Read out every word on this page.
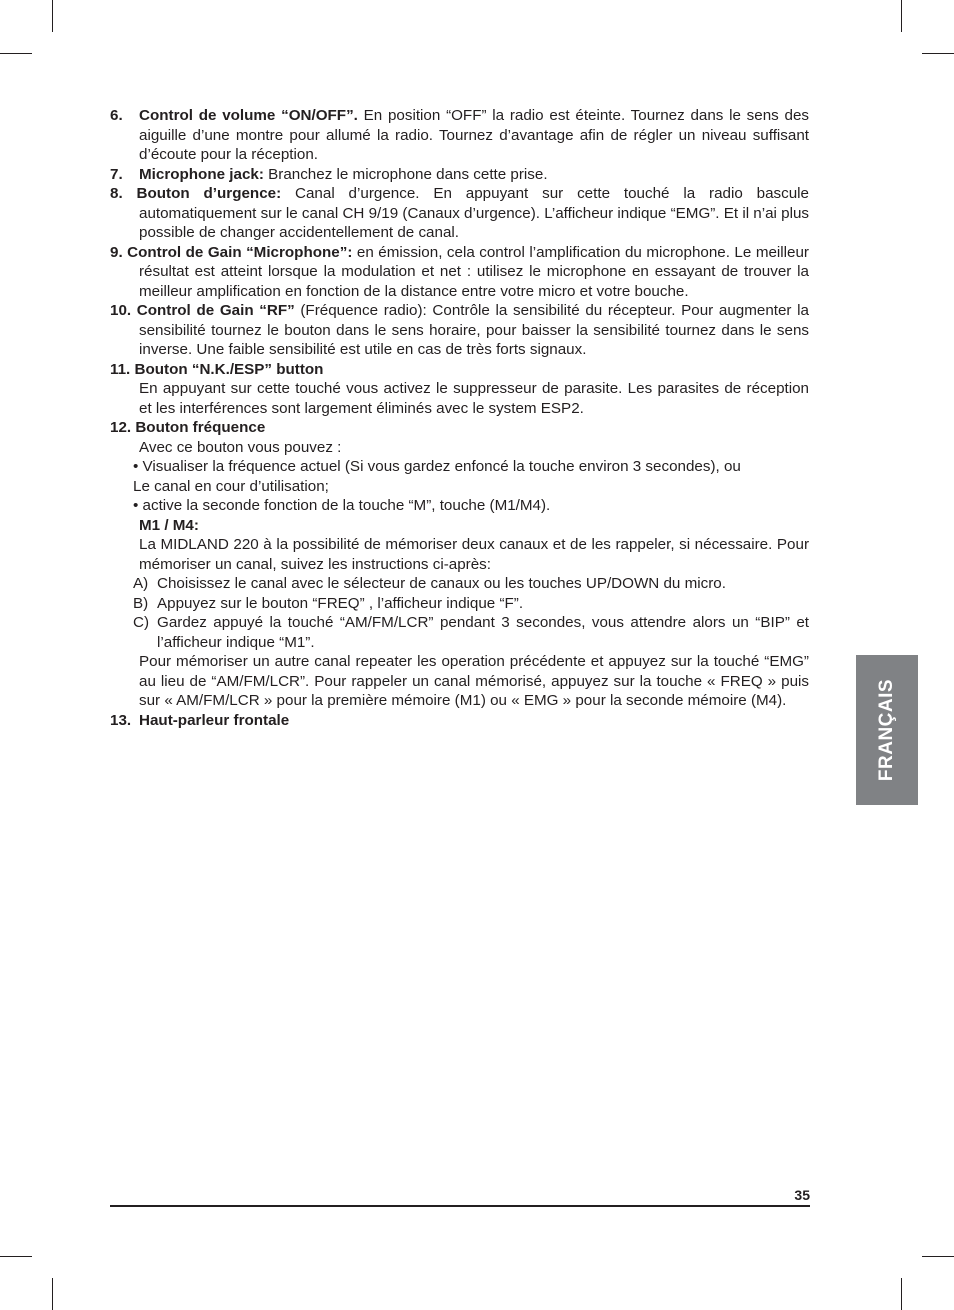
6. Control de volume “ON/OFF”. En position “OFF” la radio est éteinte. Tournez dans le sens des aiguille d’une montre pour allumé la radio. Tournez d’avantage afin de régler un niveau suffisant d’écoute pour la réception.
7. Microphone jack: Branchez le microphone dans cette prise.
8. Bouton d’urgence: Canal d’urgence. En appuyant sur cette touché la radio bascule automatiquement sur le canal CH 9/19 (Canaux d’urgence). L’afficheur indique “EMG”. Et il n’ai plus possible de changer accidentellement de canal.
9. Control de Gain “Microphone”: en émission, cela control l’amplification du microphone. Le meilleur résultat est atteint lorsque la modulation et net : utilisez le microphone en essayant de trouver la meilleur amplification en fonction de la distance entre votre micro et votre bouche.
10. Control de Gain “RF” (Fréquence radio): Contrôle la sensibilité du récepteur. Pour augmenter la sensibilité tournez le bouton dans le sens horaire, pour baisser la sensibilité tournez dans le sens inverse. Une faible sensibilité est utile en cas de très forts signaux.
11. Bouton “N.K./ESP” button
En appuyant sur cette touché vous activez le suppresseur de parasite. Les parasites de réception et les interférences sont largement éliminés avec le system ESP2.
12. Bouton fréquence
Avec ce bouton vous pouvez :
• Visualiser la fréquence actuel (Si vous gardez enfoncé la touche environ 3 secondes), ou
Le canal en cour d’utilisation;
• active la seconde fonction de la touche “M”, touche (M1/M4).
M1 / M4:
La MIDLAND 220 à la possibilité de mémoriser deux canaux et de les rappeler, si nécessaire. Pour mémoriser un canal, suivez les instructions ci-après:
A) Choisissez le canal avec le sélecteur de canaux ou les touches UP/DOWN du micro.
B) Appuyez sur le bouton “FREQ” , l’afficheur indique “F”.
C) Gardez appuyé la touché “AM/FM/LCR” pendant 3 secondes, vous attendre alors un “BIP” et l’afficheur indique “M1”.
Pour mémoriser un autre canal repeater les operation précédente et appuyez sur la touché “EMG” au lieu de “AM/FM/LCR”. Pour rappeler un canal mémorisé, appuyez sur la touche « FREQ » puis sur « AM/FM/LCR » pour la première mémoire (M1) ou « EMG » pour la seconde mémoire (M4).
13. Haut-parleur frontale	FRANÇAIS
35
